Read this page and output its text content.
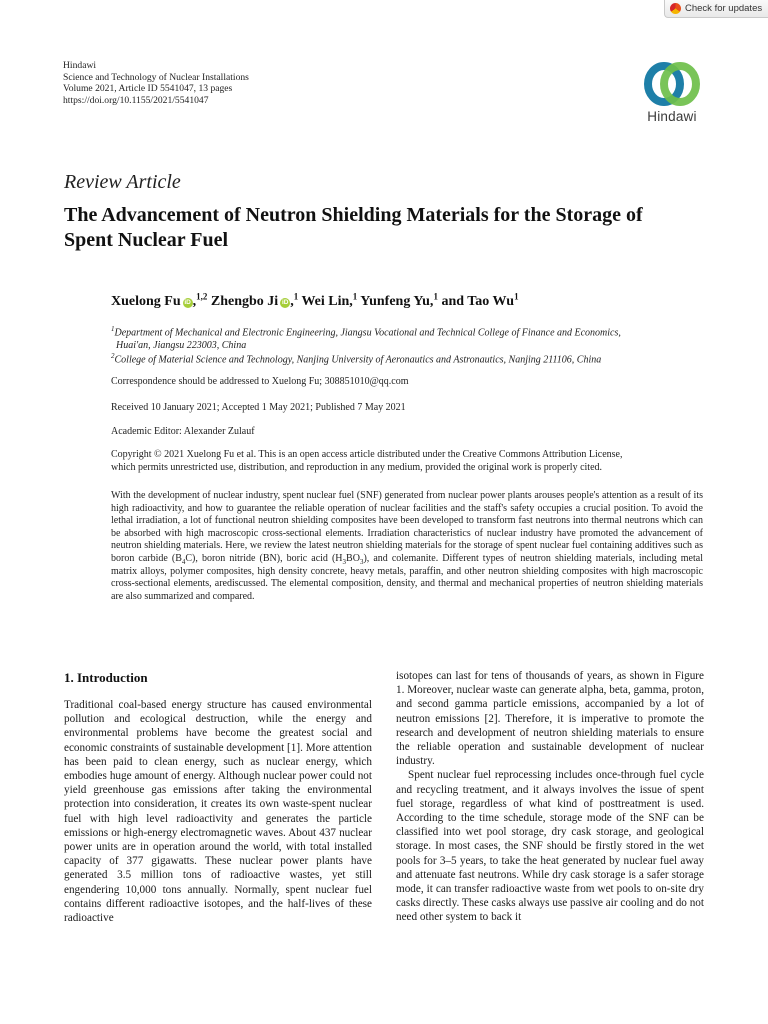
Check for updates
Hindawi
Science and Technology of Nuclear Installations
Volume 2021, Article ID 5541047, 13 pages
https://doi.org/10.1155/2021/5541047
Hindawi
Review Article
The Advancement of Neutron Shielding Materials for the Storage of Spent Nuclear Fuel
Xuelong Fu iD ,$^{1,2}$ Zhengbo Ji iD ,$^1$ Wei Lin,$^1$ Yunfeng Yu,$^1$ and Tao Wu$^1$
$^1$Department of Mechanical and Electronic Engineering, Jiangsu Vocational and Technical College of Finance and Economics,
Huai'an, Jiangsu 223003, China
$^2$College of Material Science and Technology, Nanjing University of Aeronautics and Astronautics, Nanjing 211106, China
Correspondence should be addressed to Xuelong Fu; 308851010@qq.com
Received 10 January 2021; Accepted 1 May 2021; Published 7 May 2021
Academic Editor: Alexander Zulauf
Copyright © 2021 Xuelong Fu et al. This is an open access article distributed under the Creative Commons Attribution License,
which permits unrestricted use, distribution, and reproduction in any medium, provided the original work is properly cited.
With the development of nuclear industry, spent nuclear fuel (SNF) generated from nuclear power plants arouses people's attention as a result of its high radioactivity, and how to guarantee the reliable operation of nuclear facilities and the staff's safety occupies a crucial position. To avoid the lethal irradiation, a lot of functional neutron shielding composites have been developed to transform fast neutrons into thermal neutrons which can be absorbed with high macroscopic cross-sectional elements. Irradiation characteristics of nuclear industry have promoted the advancement of neutron shielding materials. Here, we review the latest neutron shielding materials for the storage of spent nuclear fuel containing additives such as boron carbide $(B_4C)$, boron nitride (BN), boric acid $(H_3BO_3)$, and colemanite. Different types of neutron shielding materials, including metal matrix alloys, polymer composites, high density concrete, heavy metals, paraffin, and other neutron shielding composites with high macroscopic cross-sectional elements, arediscussed. The elemental composition, density, and thermal and mechanical properties of neutron shielding materials are also summarized and compared.
1. Introduction

Traditional coal-based energy structure has caused environmental pollution and ecological destruction, while the energy and environmental problems have become the greatest social and economic constraints of sustainable development [1]. More attention has been paid to clean energy, such as nuclear energy, which embodies huge amount of energy. Although nuclear power could not yield greenhouse gas emissions after taking the environmental protection into consideration, it creates its own waste-spent nuclear fuel with high level radioactivity and generates the particle emissions or high-energy electromagnetic waves. About 437 nuclear power units are in operation around the world, with total installed capacity of 377 gigawatts. These nuclear power plants have generated 3.5 million tons of radioactive wastes, yet still engendering 10,000 tons annually. Normally, spent nuclear fuel contains different radioactive isotopes, and the half-lives of these radioactive

isotopes can last for tens of thousands of years, as shown in Figure 1. Moreover, nuclear waste can generate alpha, beta, gamma, proton, and second gamma particle emissions, accompanied by a lot of neutron emissions [2]. Therefore, it is imperative to promote the research and development of neutron shielding materials to ensure the reliable operation and sustainable development of nuclear industry.

Spent nuclear fuel reprocessing includes once-through fuel cycle and recycling treatment, and it always involves the issue of spent fuel storage, regardless of what kind of posttreatment is used. According to the time schedule, storage mode of the SNF can be classified into wet pool storage, dry cask storage, and geological storage. In most cases, the SNF should be firstly stored in the wet pools for 3–5 years, to take the heat generated by nuclear fuel away and attenuate fast neutrons. While dry cask storage is a safer storage mode, it can transfer radioactive waste from wet pools to on-site dry casks directly. These casks always use passive air cooling and do not need other system to back it
